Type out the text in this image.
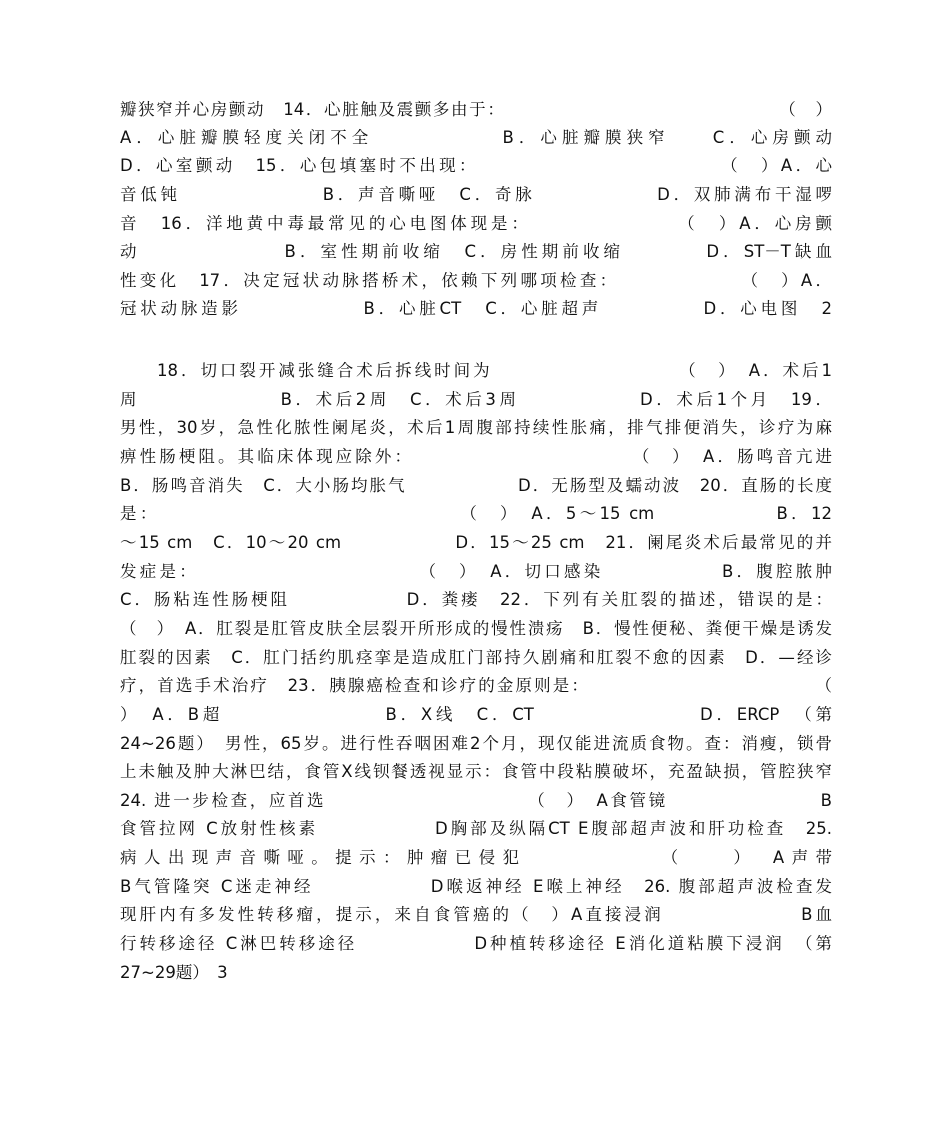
瓣狭窄并心房颤动　14．心脏触及震颤多由于：　　　　　　　　　　　　　　　　（　）
A．心脏瓣膜轻度关闭不全　　　　　　B．心脏瓣膜狭窄　　C．心房颤动
D．心室颤动　15．心包填塞时不出现：　　　　　　　　　　　　　（　）A．心
音低钝　　　　　　　B．声音嘶哑　C．奇脉　　　　　　D．双肺满布干湿啰
音　16．洋地黄中毒最常见的心电图体现是：　　　　　　　　（　）A．心房颤
动　　　　　　　B．室性期前收缩　C．房性期前收缩　　　　D．ST－T缺血
性变化　17．决定冠状动脉搭桥术，依赖下列哪项检查：　　　　　　　（　）A．
冠状动脉造影　　　　　　B．心脏CT　C．心脏超声　　　　　D．心电图　2
18．切口裂开减张缝合术后拆线时间为　　　　　　　　　　（　）　A．术后1
周　　　　　　　B．术后2周　C．术后3周　　　　　　D．术后1个月　19．
男性，30岁，急性化脓性阑尾炎，术后1周腹部持续性胀痛，排气排便消失，诊疗为麻
痹性肠梗阻。其临床体现应除外：　　　　　　　　　　　　（　）　A．肠鸣音亢进
B．肠鸣音消失　C．大小肠均胀气　　　　　　D．无肠型及蠕动波　20．直肠的长度
是：　　　　　　　　　　　　　　　　（　）　A．5～15 cm　　　　　　B．12
～15 cm　C．10～20 cm　　　　　　D．15～25 cm　21．阑尾炎术后最常见的并
发症是：　　　　　　　　　　　　（　）　A．切口感染　　　　　　B．腹腔脓肿
C．肠粘连性肠梗阻　　　　　　D．粪瘘　22．下列有关肛裂的描述，错误的是：
（　）　A．肛裂是肛管皮肤全层裂开所形成的慢性溃疡　B．慢性便秘、粪便干燥是诱发
肛裂的因素　C．肛门括约肌痉挛是造成肛门部持久剧痛和肛裂不愈的因素　D．—经诊
疗，首选手术治疗　23．胰腺癌检查和诊疗的金原则是：　　　　　　　　　　　　　（
）　A．B超　　　　　　　　B．X线　C．CT　　　　　　　　D．ERCP　（第
24~26题）　男性，65岁。进行性吞咽困难2个月，现仅能进流质食物。查：消瘦，锁骨
上未触及肿大淋巴结，食管X线钡餐透视显示：食管中段粘膜破坏，充盈缺损，管腔狭窄
24. 进一步检查，应首选　　　　　　　　　　　（　）　A食管镜　　　　　　　　B
食管拉网 C放射性核素　　　　　　D胸部及纵隔CT E腹部超声波和肝功检查　25.
病人出现声音嘶哑。提示：肿瘤已侵犯　　　　　　（　　）　A声带
B气管隆突 C迷走神经　　　　　　D喉返神经 E喉上神经　26. 腹部超声波检查发
现肝内有多发性转移瘤，提示，来自食管癌的（　）A直接浸润　　　　　　　B血
行转移途径 C淋巴转移途径　　　　　　D种植转移途径 E消化道粘膜下浸润　（第
27~29题）　3
